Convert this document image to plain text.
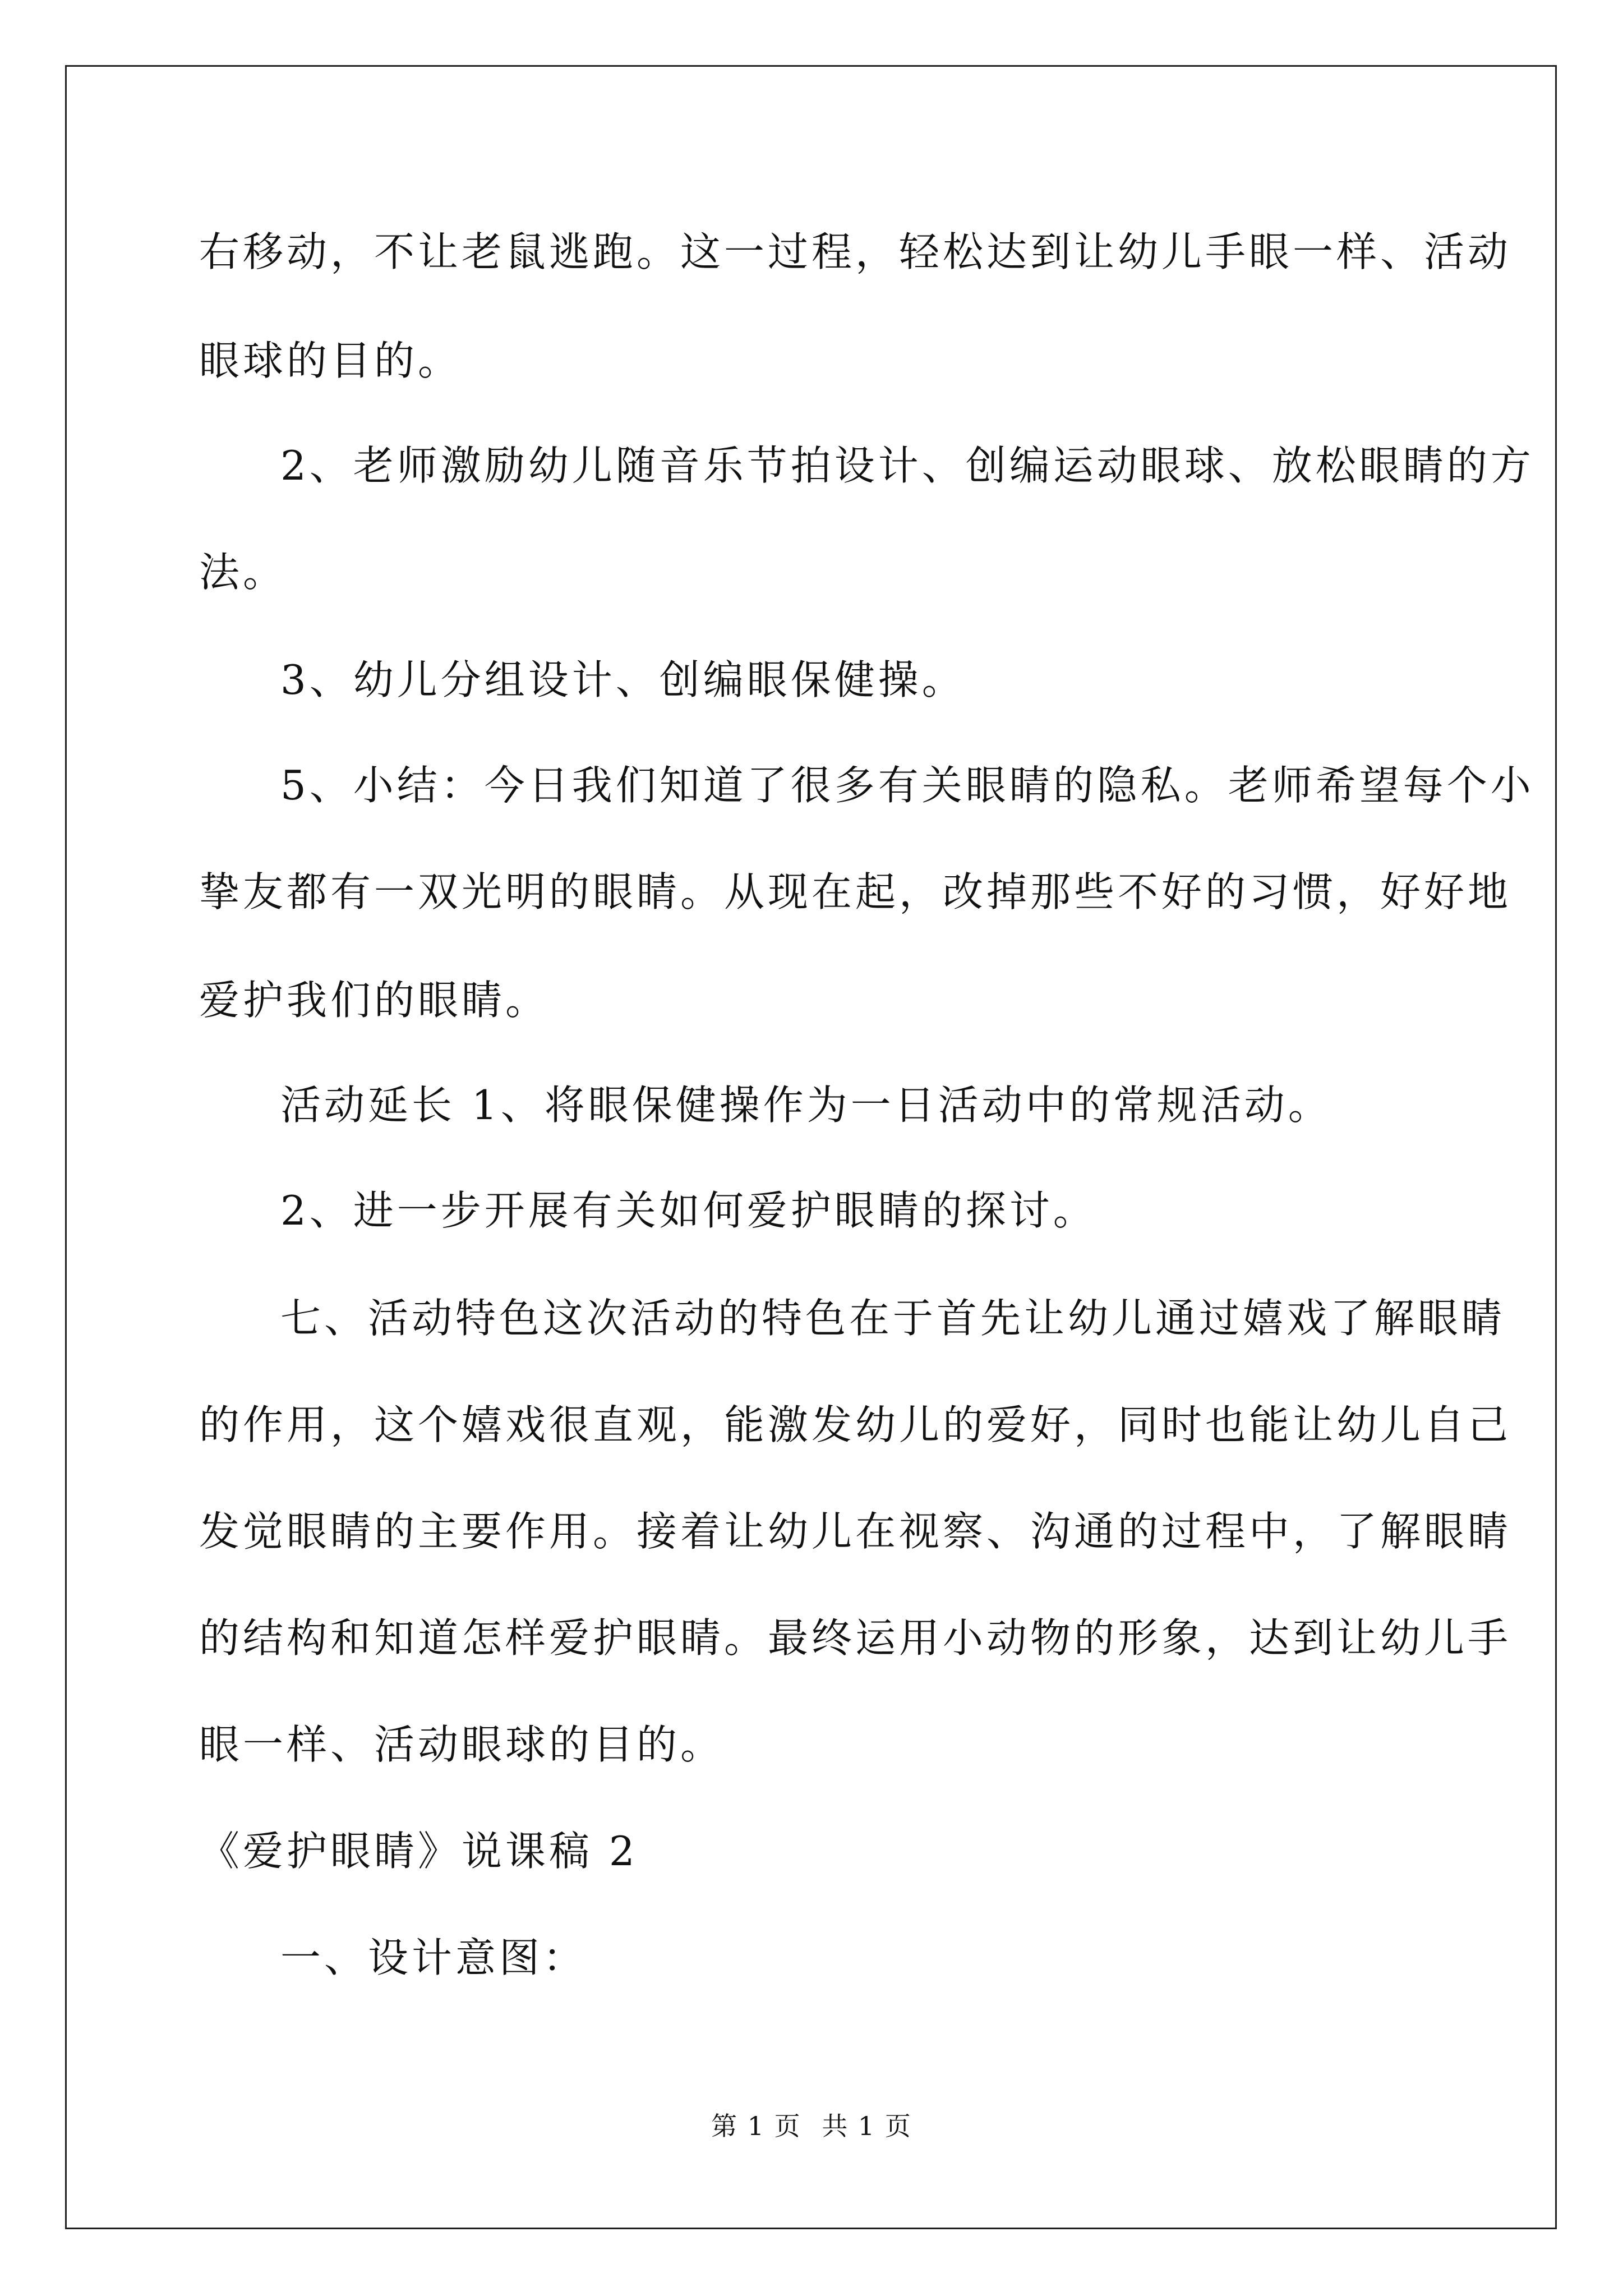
右移动，不让老鼠逃跑。这一过程，轻松达到让幼儿手眼一样、活动

眼球的目的。

2、老师激励幼儿随音乐节拍设计、创编运动眼球、放松眼睛的方

法。

3、幼儿分组设计、创编眼保健操。

5、小结：今日我们知道了很多有关眼睛的隐私。老师希望每个小

挚友都有一双光明的眼睛。从现在起，改掉那些不好的习惯，好好地

爱护我们的眼睛。

活动延长 1、将眼保健操作为一日活动中的常规活动。

2、进一步开展有关如何爱护眼睛的探讨。

七、活动特色这次活动的特色在于首先让幼儿通过嬉戏了解眼睛

的作用，这个嬉戏很直观，能激发幼儿的爱好，同时也能让幼儿自己

发觉眼睛的主要作用。接着让幼儿在视察、沟通的过程中，了解眼睛

的结构和知道怎样爱护眼睛。最终运用小动物的形象，达到让幼儿手

眼一样、活动眼球的目的。

《爱护眼睛》说课稿 2

一、设计意图：

第 1 页 共 1 页
